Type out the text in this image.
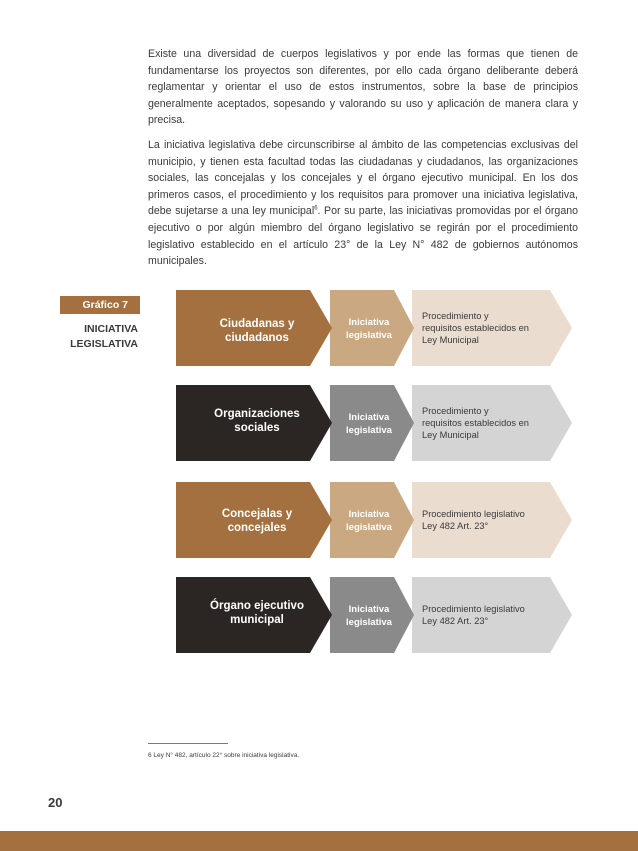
Existe una diversidad de cuerpos legislativos y por ende las formas que tienen de fundamentarse los proyectos son diferentes, por ello cada órgano deliberante deberá reglamentar y orientar el uso de estos instrumentos, sobre la base de principios generalmente aceptados, sopesando y valorando su uso y aplicación de manera clara y precisa.

La iniciativa legislativa debe circunscribirse al ámbito de las competencias exclusivas del municipio, y tienen esta facultad todas las ciudadanas y ciudadanos, las organizaciones sociales, las concejalas y los concejales y el órgano ejecutivo municipal. En los dos primeros casos, el procedimiento y los requisitos para promover una iniciativa legislativa, debe sujetarse a una ley municipal$^6$. Por su parte, las iniciativas promovidas por el órgano ejecutivo o por algún miembro del órgano legislativo se regirán por el procedimiento legislativo establecido en el artículo 23° de la Ley N° 482 de gobiernos autónomos municipales.

Gráfico 7
INICIATIVA
LEGISLATIVA
Ciudadanas y
ciudadanos
Iniciativa
legislativa
Procedimiento y
requisitos establecidos en
Ley Municipal
Organizaciones
sociales
Iniciativa
legislativa
Procedimiento y
requisitos establecidos en
Ley Municipal
Concejalas y
concejales
Iniciativa
legislativa
Procedimiento legislativo
Ley 482 Art. 23°
Órgano ejecutivo
municipal
Iniciativa
legislativa
Procedimiento legislativo
Ley 482 Art. 23°
6 Ley N° 482, artículo 22° sobre iniciativa legislativa.
20
